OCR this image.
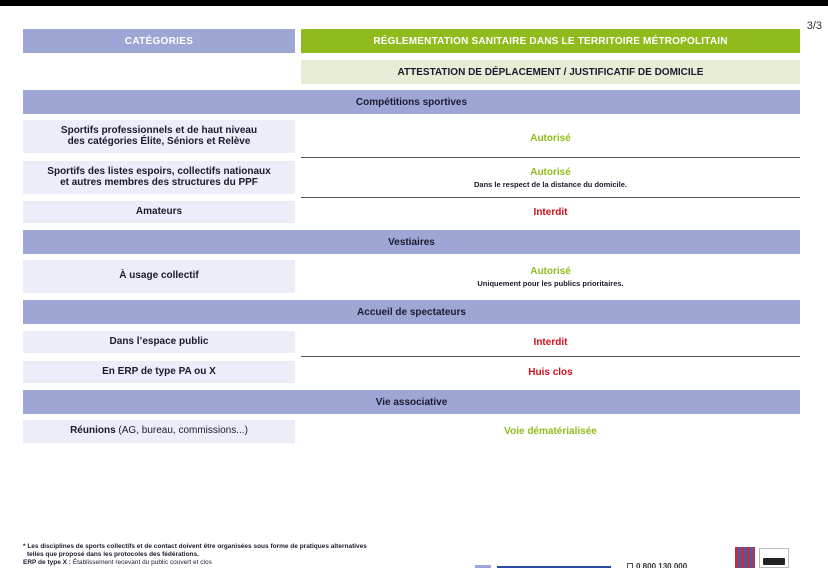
3/3
CATÉGORIES	RÉGLEMENTATION SANITAIRE DANS LE TERRITOIRE MÉTROPOLITAIN
ATTESTATION DE DÉPLACEMENT / JUSTIFICATIF DE DOMICILE
Compétitions sportives
Sportifs professionnels et de haut niveau
des catégories Élite, Séniors et Relève	Autorisé
Sportifs des listes espoirs, collectifs nationaux
et autres membres des structures du PPF
Autorisé
Dans le respect de la distance du domicile.
Amateurs	Interdit
Vestiaires
À usage collectif	Autorisé
Uniquement pour les publics prioritaires.
Accueil de spectateurs
Dans l’espace public	Interdit
En ERP de type PA ou X	Huis clos
Vie associative
Réunions (AG, bureau, commissions...)	Voie dématérialisée
* Les disciplines de sports collectifs et de contact doivent être organisées sous forme de pratiques alternatives
telles que proposé dans les protocoles des fédérations.
ERP de type X : Établissement recevant du public couvert et clos	0 800 130 000
